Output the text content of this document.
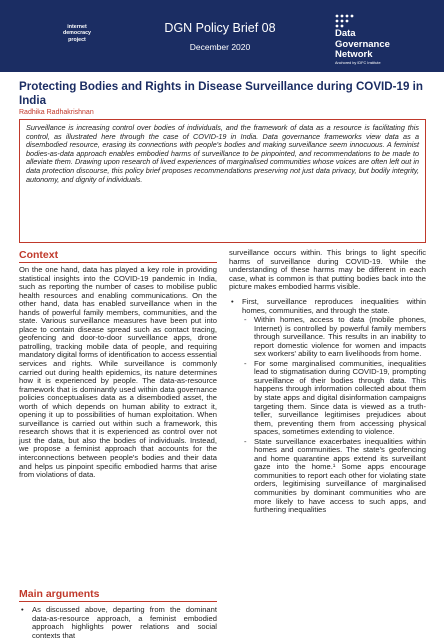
internet
democracy
project
DGN Policy Brief 08
December 2020
Data
Governance
Network
Anchored by IDFC Institute
Protecting Bodies and Rights in Disease Surveillance during COVID-19 in India

Radhika Radhakrishnan

Surveillance is increasing control over bodies of individuals, and the framework of data as a resource is facilitating this control, as illustrated here through the case of COVID-19 in India. Data governance frameworks view data as a disembodied resource, erasing its connections with people's bodies and making surveillance seem innocuous. A feminist bodies-as-data approach enables embodied harms of surveillance to be pinpointed, and recommendations to be made to alleviate them. Drawing upon research of lived experiences of marginalised communities whose voices are often left out in data protection discourse, this policy brief proposes recommendations preserving not just data privacy, but bodily integrity, autonomy, and dignity of individuals.
Context
On the one hand, data has played a key role in providing statistical insights into the COVID-19 pandemic in India, such as reporting the number of cases to mobilise public health resources and enabling communications. On the other hand, data has enabled surveillance when in the hands of powerful family members, communities, and the state. Various surveillance measures have been put into place to contain disease spread such as contact tracing, geofencing and door-to-door surveillance apps, drone patrolling, tracking mobile data of people, and requiring mandatory digital forms of identification to access essential services and rights. While surveillance is commonly carried out during health epidemics, its nature determines how it is experienced by people. The data-as-resource framework that is dominantly used within data governance policies conceptualises data as a disembodied asset, the worth of which depends on human ability to extract it, opening it up to possibilities of human exploitation. When surveillance is carried out within such a framework, this research shows that it is experienced as control over not just the data, but also the bodies of individuals. Instead, we propose a feminist approach that accounts for the interconnections between people's bodies and their data and helps us pinpoint specific embodied harms that arise from violations of data.
Main arguments
• As discussed above, departing from the dominant data-as-resource approach, a feminist embodied approach highlights power relations and social contexts that
surveillance occurs within. This brings to light specific harms of surveillance during COVID-19. While the understanding of these harms may be different in each case, what is common is that putting bodies back into the picture makes embodied harms visible.
• First, surveillance reproduces inequalities within homes, communities, and through the state.
- Within homes, access to data (mobile phones, Internet) is controlled by powerful family members through surveillance. This results in an inability to report domestic violence for women and impacts sex workers' ability to earn livelihoods from home.
- For some marginalised communities, inequalities lead to stigmatisation during COVID-19, prompting surveillance of their bodies through data. This happens through information collected about them by state apps and digital disinformation campaigns targeting them. Since data is viewed as a truth-teller, surveillance legitimises prejudices about them, preventing them from accessing physical spaces, sometimes extending to violence.
- State surveillance exacerbates inequalities within homes and communities. The state's geofencing and home quarantine apps extend its surveillant gaze into the home.¹ Some apps encourage communities to report each other for violating state orders, legitimising surveillance of marginalised communities by dominant communities who are more likely to have access to such apps, and furthering inequalities
